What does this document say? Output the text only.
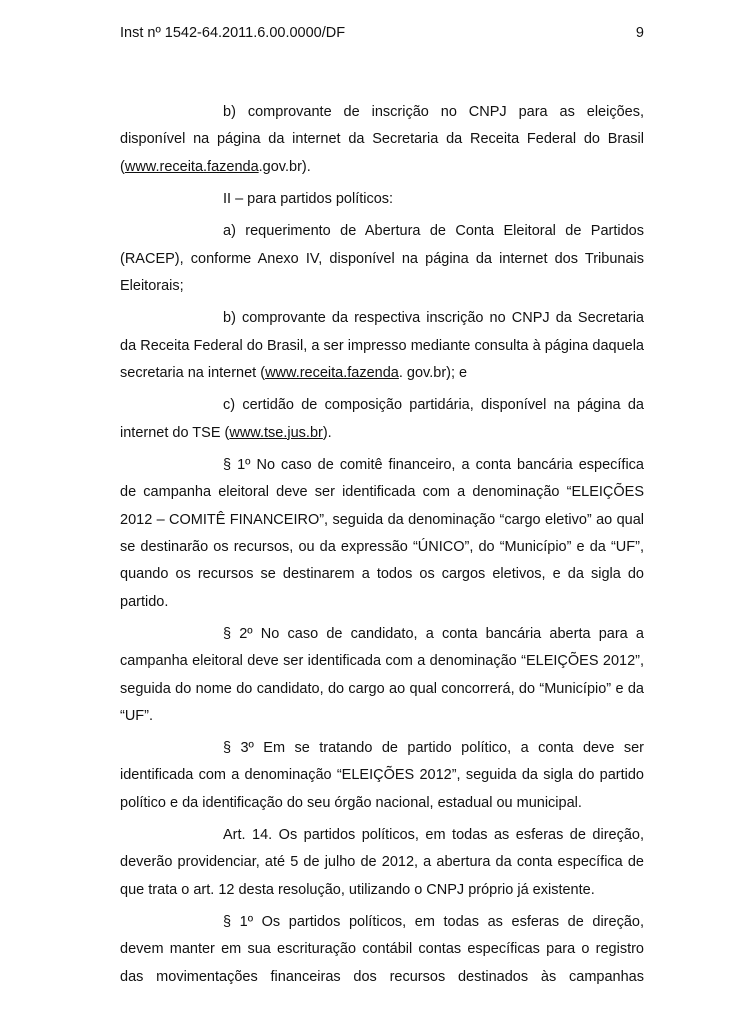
Inst nº 1542-64.2011.6.00.0000/DF	9

b) comprovante de inscrição no CNPJ para as eleições, disponível na página da internet da Secretaria da Receita Federal do Brasil (www.receita.fazenda.gov.br).

II – para partidos políticos:

a) requerimento de Abertura de Conta Eleitoral de Partidos (RACEP), conforme Anexo IV, disponível na página da internet dos Tribunais Eleitorais;

b) comprovante da respectiva inscrição no CNPJ da Secretaria da Receita Federal do Brasil, a ser impresso mediante consulta à página daquela secretaria na internet (www.receita.fazenda. gov.br); e

c) certidão de composição partidária, disponível na página da internet do TSE (www.tse.jus.br).

§ 1º No caso de comitê financeiro, a conta bancária específica de campanha eleitoral deve ser identificada com a denominação “ELEIÇÕES 2012 – COMITÊ FINANCEIRO”, seguida da denominação “cargo eletivo” ao qual se destinarão os recursos, ou da expressão “ÚNICO”, do “Município” e da “UF”, quando os recursos se destinarem a todos os cargos eletivos, e da sigla do partido.

§ 2º No caso de candidato, a conta bancária aberta para a campanha eleitoral deve ser identificada com a denominação “ELEIÇÕES 2012”, seguida do nome do candidato, do cargo ao qual concorrerá, do “Município” e da “UF”.

§ 3º Em se tratando de partido político, a conta deve ser identificada com a denominação “ELEIÇÕES 2012”, seguida da sigla do partido político e da identificação do seu órgão nacional, estadual ou municipal.

Art. 14. Os partidos políticos, em todas as esferas de direção, deverão providenciar, até 5 de julho de 2012, a abertura da conta específica de que trata o art. 12 desta resolução, utilizando o CNPJ próprio já existente.

§ 1º Os partidos políticos, em todas as esferas de direção, devem manter em sua escrituração contábil contas específicas para o registro das movimentações financeiras dos recursos destinados às campanhas
